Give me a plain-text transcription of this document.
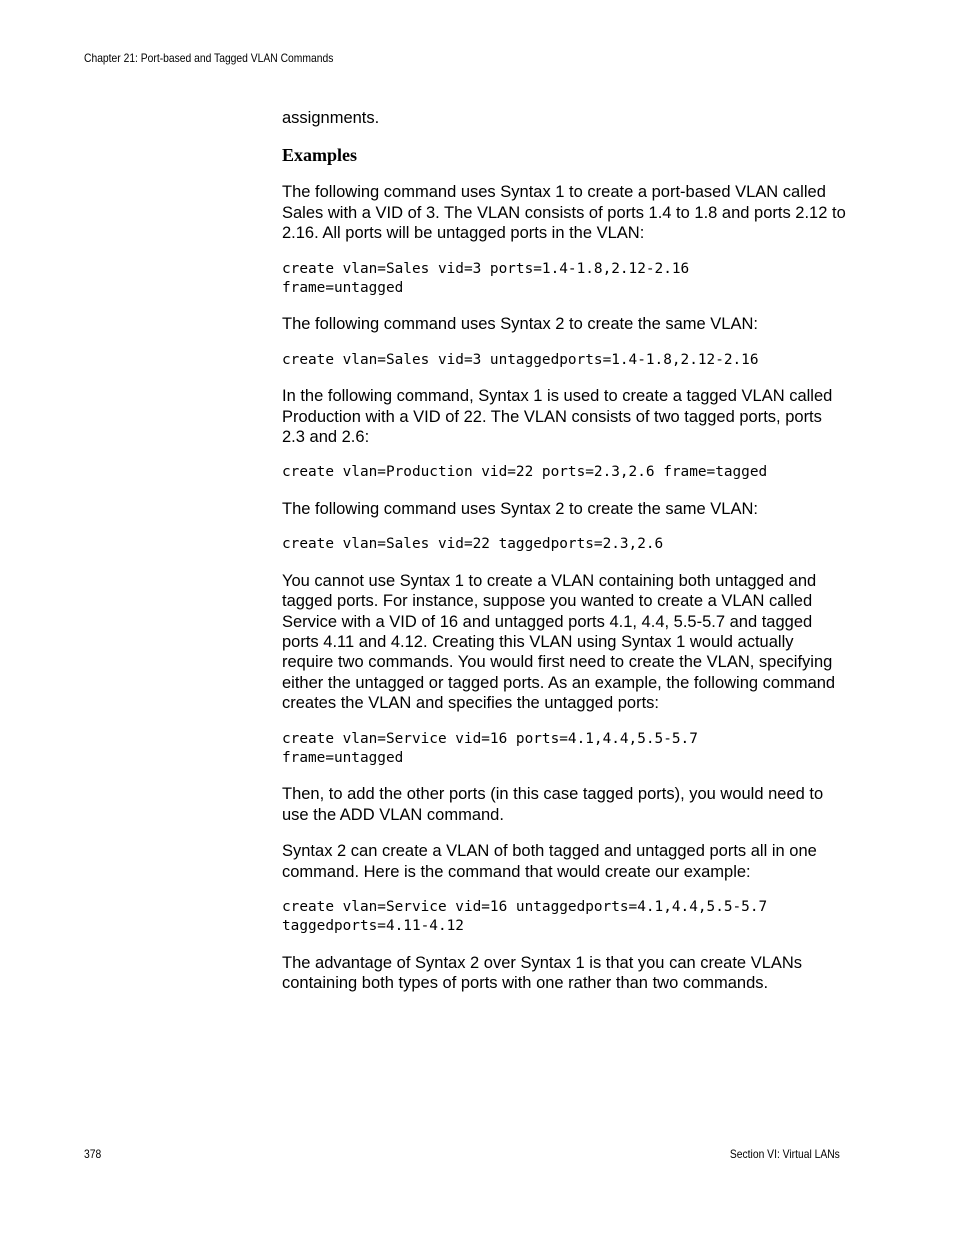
Chapter 21: Port-based and Tagged VLAN Commands
assignments.
Examples
The following command uses Syntax 1 to create a port-based VLAN called Sales with a VID of 3. The VLAN consists of ports 1.4 to 1.8 and ports 2.12 to 2.16. All ports will be untagged ports in the VLAN:
create vlan=Sales vid=3 ports=1.4-1.8,2.12-2.16
frame=untagged
The following command uses Syntax 2 to create the same VLAN:
create vlan=Sales vid=3 untaggedports=1.4-1.8,2.12-2.16
In the following command, Syntax 1 is used to create a tagged VLAN called Production with a VID of 22. The VLAN consists of two tagged ports, ports 2.3 and 2.6:
create vlan=Production vid=22 ports=2.3,2.6 frame=tagged
The following command uses Syntax 2 to create the same VLAN:
create vlan=Sales vid=22 taggedports=2.3,2.6
You cannot use Syntax 1 to create a VLAN containing both untagged and tagged ports. For instance, suppose you wanted to create a VLAN called Service with a VID of 16 and untagged ports 4.1, 4.4, 5.5-5.7 and tagged ports 4.11 and 4.12. Creating this VLAN using Syntax 1 would actually require two commands. You would first need to create the VLAN, specifying either the untagged or tagged ports. As an example, the following command creates the VLAN and specifies the untagged ports:
create vlan=Service vid=16 ports=4.1,4.4,5.5-5.7
frame=untagged
Then, to add the other ports (in this case tagged ports), you would need to use the ADD VLAN command.
Syntax 2 can create a VLAN of both tagged and untagged ports all in one command. Here is the command that would create our example:
create vlan=Service vid=16 untaggedports=4.1,4.4,5.5-5.7
taggedports=4.11-4.12
The advantage of Syntax 2 over Syntax 1 is that you can create VLANs containing both types of ports with one rather than two commands.
378	Section VI: Virtual LANs
